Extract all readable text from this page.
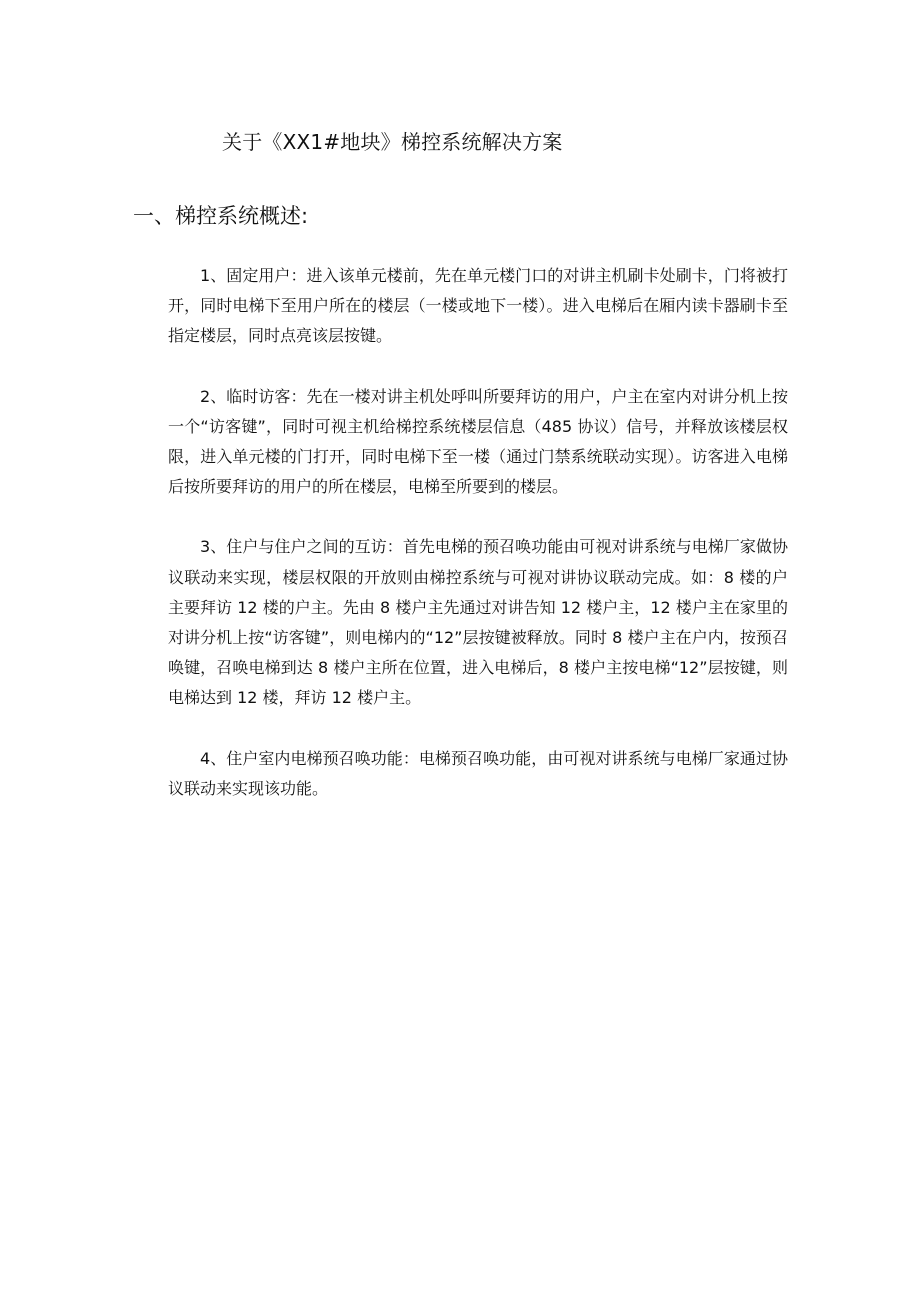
关于《XX1#地块》梯控系统解决方案
一、梯控系统概述:

1、固定用户：进入该单元楼前，先在单元楼门口的对讲主机刷卡处刷卡，门将被打开，同时电梯下至用户所在的楼层（一楼或地下一楼）。进入电梯后在厢内读卡器刷卡至指定楼层，同时点亮该层按键。

2、临时访客：先在一楼对讲主机处呼叫所要拜访的用户，户主在室内对讲分机上按一个“访客键”，同时可视主机给梯控系统楼层信息（485 协议）信号，并释放该楼层权限，进入单元楼的门打开，同时电梯下至一楼（通过门禁系统联动实现）。访客进入电梯后按所要拜访的用户的所在楼层，电梯至所要到的楼层。

3、住户与住户之间的互访：首先电梯的预召唤功能由可视对讲系统与电梯厂家做协议联动来实现，楼层权限的开放则由梯控系统与可视对讲协议联动完成。如：8 楼的户主要拜访 12 楼的户主。先由 8 楼户主先通过对讲告知 12 楼户主，12 楼户主在家里的对讲分机上按“访客键”，则电梯内的“12”层按键被释放。同时 8 楼户主在户内，按预召唤键，召唤电梯到达 8 楼户主所在位置，进入电梯后，8 楼户主按电梯“12”层按键，则电梯达到 12 楼，拜访 12 楼户主。

4、住户室内电梯预召唤功能：电梯预召唤功能，由可视对讲系统与电梯厂家通过协议联动来实现该功能。
